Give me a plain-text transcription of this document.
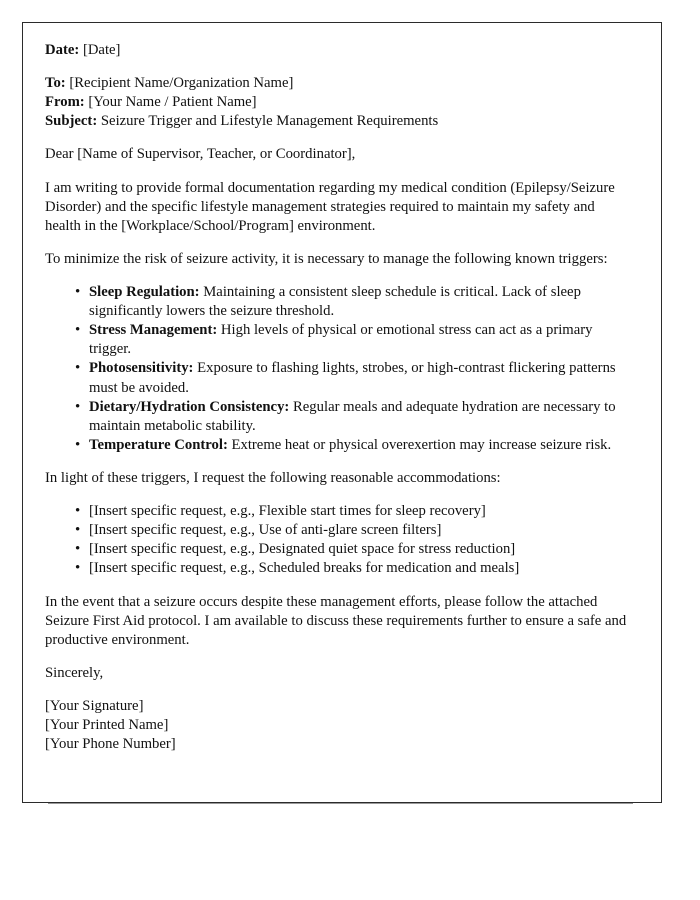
Date: [Date]

To: [Recipient Name/Organization Name]

From: [Your Name / Patient Name]

Subject: Seizure Trigger and Lifestyle Management Requirements

Dear [Name of Supervisor, Teacher, or Coordinator],

I am writing to provide formal documentation regarding my medical condition (Epilepsy/Seizure Disorder) and the specific lifestyle management strategies required to maintain my safety and health in the [Workplace/School/Program] environment.

To minimize the risk of seizure activity, it is necessary to manage the following known triggers:

• Sleep Regulation: Maintaining a consistent sleep schedule is critical. Lack of sleep significantly lowers the seizure threshold.
• Stress Management: High levels of physical or emotional stress can act as a primary trigger.
• Photosensitivity: Exposure to flashing lights, strobes, or high-contrast flickering patterns must be avoided.
• Dietary/Hydration Consistency: Regular meals and adequate hydration are necessary to maintain metabolic stability.
• Temperature Control: Extreme heat or physical overexertion may increase seizure risk.

In light of these triggers, I request the following reasonable accommodations:

• [Insert specific request, e.g., Flexible start times for sleep recovery]
• [Insert specific request, e.g., Use of anti-glare screen filters]
• [Insert specific request, e.g., Designated quiet space for stress reduction]
• [Insert specific request, e.g., Scheduled breaks for medication and meals]

In the event that a seizure occurs despite these management efforts, please follow the attached Seizure First Aid protocol. I am available to discuss these requirements further to ensure a safe and productive environment.

Sincerely,

[Your Signature]

[Your Printed Name]

[Your Phone Number]
